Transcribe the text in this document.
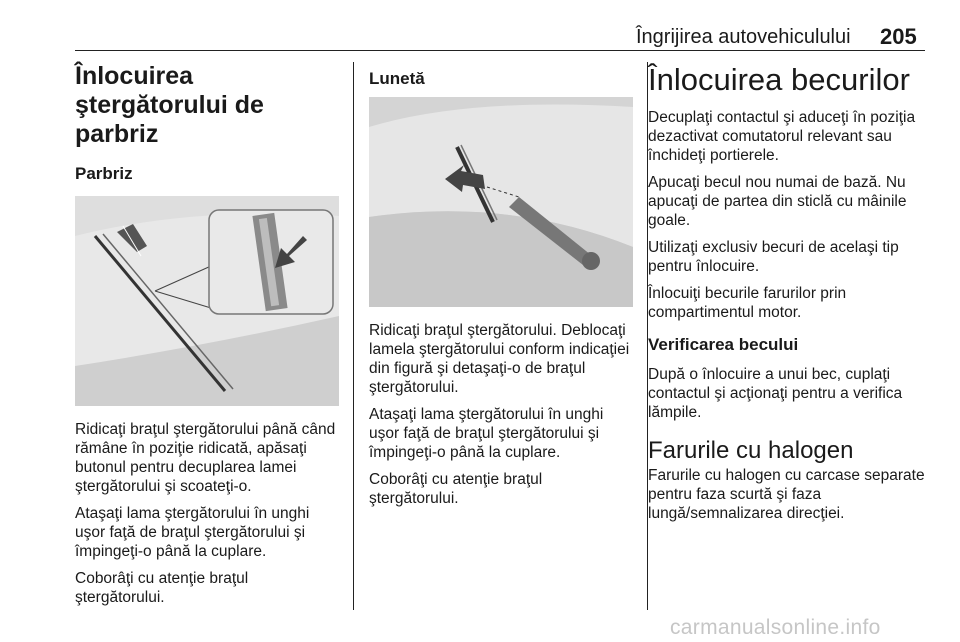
Îngrijirea autovehiculului 205
Înlocuirea ştergătorului de parbriz
Parbriz

Ridicaţi braţul ştergătorului până când rămâne în poziţie ridicată, apăsaţi butonul pentru decuplarea lamei ştergătorului şi scoateţi-o.

Ataşaţi lama ştergătorului în unghi uşor faţă de braţul ştergătorului şi împingeţi-o până la cuplare.

Coborâţi cu atenţie braţul ştergătorului.

Lunetă

Ridicaţi braţul ştergătorului. Deblocaţi lamela ştergătorului conform indicaţiei din figură şi detaşaţi-o de braţul ştergătorului.

Ataşaţi lama ştergătorului în unghi uşor faţă de braţul ştergătorului şi împingeţi-o până la cuplare.

Coborâţi cu atenţie braţul ştergătorului.

Înlocuirea becurilor

Decuplaţi contactul şi aduceţi în poziţia dezactivat comutatorul relevant sau închideţi portierele.

Apucaţi becul nou numai de bază. Nu apucaţi de partea din sticlă cu mâinile goale.

Utilizaţi exclusiv becuri de acelaşi tip pentru înlocuire.

Înlocuiţi becurile farurilor prin compartimentul motor.

Verificarea becului

După o înlocuire a unui bec, cuplaţi contactul şi acţionaţi pentru a verifica lămpile.

Farurile cu halogen

Farurile cu halogen cu carcase separate pentru faza scurtă şi faza lungă/semnalizarea direcţiei.

carmanualsonline.info
